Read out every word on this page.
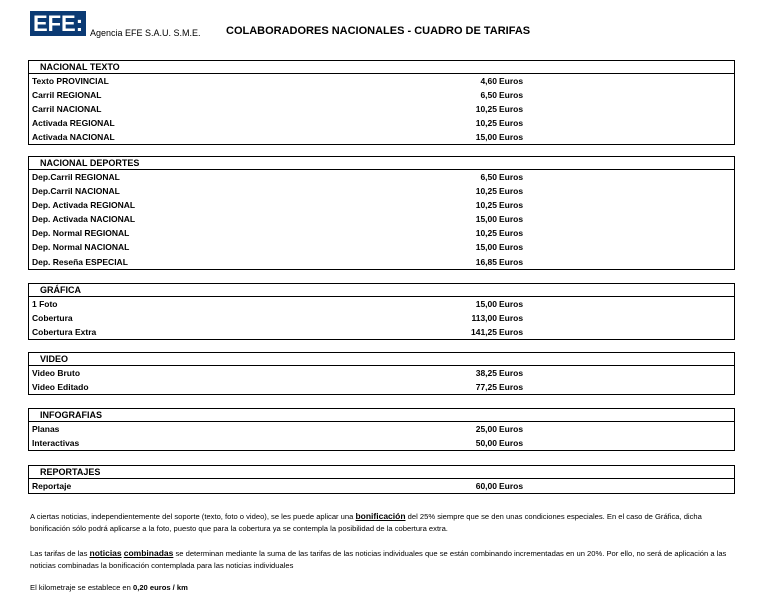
EFE: Agencia EFE S.A.U. S.M.E. COLABORADORES NACIONALES - CUADRO DE TARIFAS
NACIONAL TEXTO
Texto PROVINCIAL	4,60 Euros
Carril REGIONAL	6,50 Euros
Carril NACIONAL	10,25 Euros
Activada REGIONAL	10,25 Euros
Activada NACIONAL	15,00 Euros
NACIONAL DEPORTES
Dep.Carril REGIONAL	6,50 Euros
Dep.Carril NACIONAL	10,25 Euros
Dep. Activada REGIONAL	10,25 Euros
Dep. Activada NACIONAL	15,00 Euros
Dep. Normal REGIONAL	10,25 Euros
Dep. Normal NACIONAL	15,00 Euros
Dep. Reseña ESPECIAL	16,85 Euros
GRÁFICA
1 Foto	15,00 Euros
Cobertura	113,00 Euros
Cobertura Extra	141,25 Euros
VIDEO
Video Bruto	38,25 Euros
Video Editado	77,25 Euros
INFOGRAFIAS
Planas	25,00 Euros
Interactivas	50,00 Euros
REPORTAJES
Reportaje	60,00 Euros
A ciertas noticias, independientemente del soporte (texto, foto o video), se les puede aplicar una bonificación del 25% siempre que se den unas condiciones especiales. En el caso de Gráfica, dicha bonificación sólo podrá aplicarse a la foto, puesto que para la cobertura ya se contempla la posibilidad de la cobertura extra.
Las tarifas de las noticias combinadas se determinan mediante la suma de las tarifas de las noticias individuales que se están combinando incrementadas en un 20%. Por ello, no será de aplicación a las noticias combinadas la bonificación contemplada para las noticias individuales
El kilometraje se establece en 0,20 euros / km
